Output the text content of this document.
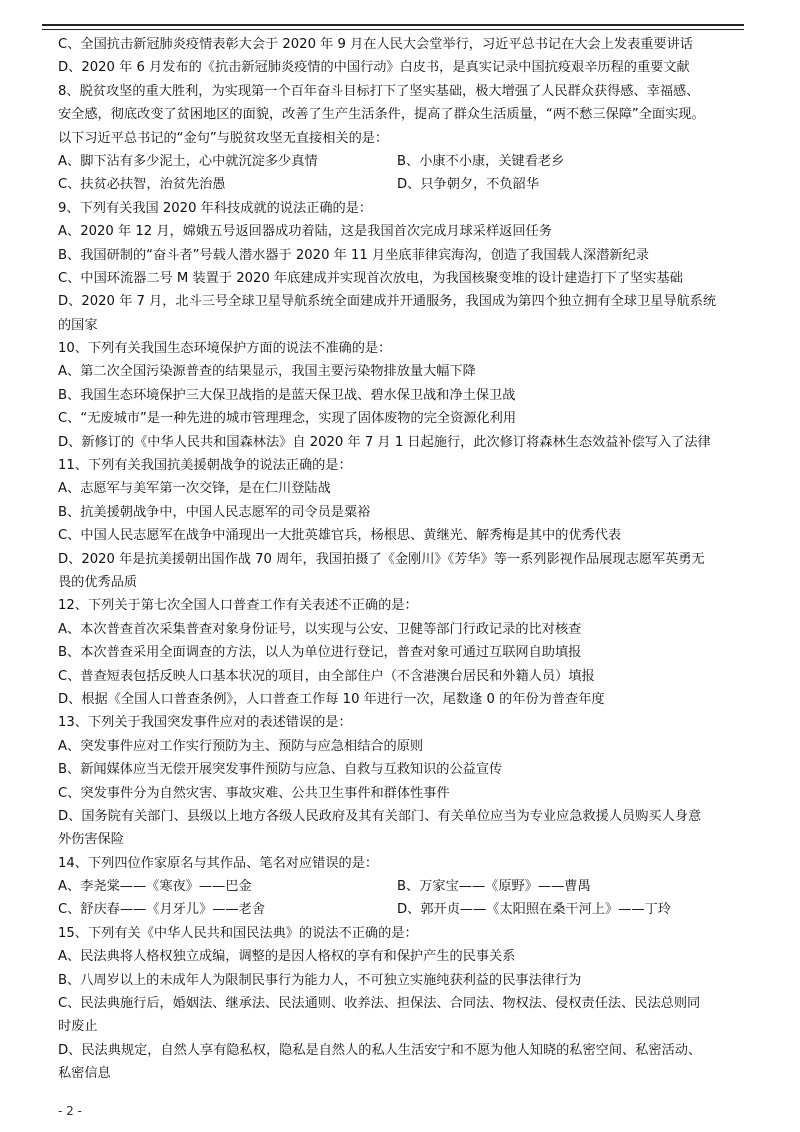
C、全国抗击新冠肺炎疫情表彰大会于 2020 年 9 月在人民大会堂举行，习近平总书记在大会上发表重要讲话
D、2020 年 6 月发布的《抗击新冠肺炎疫情的中国行动》白皮书，是真实记录中国抗疫艰辛历程的重要文献
8、脱贫攻坚的重大胜利，为实现第一个百年奋斗目标打下了坚实基础，极大增强了人民群众获得感、幸福感、
安全感，彻底改变了贫困地区的面貌，改善了生产生活条件，提高了群众生活质量，“两不愁三保障”全面实现。
以下习近平总书记的“金句”与脱贫攻坚无直接相关的是：
A、脚下沾有多少泥土，心中就沉淀多少真情	B、小康不小康，关键看老乡
C、扶贫必扶智，治贫先治愚	D、只争朝夕，不负韶华
9、下列有关我国 2020 年科技成就的说法正确的是：
A、2020 年 12 月，嫦娥五号返回器成功着陆，这是我国首次完成月球采样返回任务
B、我国研制的“奋斗者”号载人潜水器于 2020 年 11 月坐底菲律宾海沟，创造了我国载人深潜新纪录
C、中国环流器二号 M 装置于 2020 年底建成并实现首次放电，为我国核聚变堆的设计建造打下了坚实基础
D、2020 年 7 月，北斗三号全球卫星导航系统全面建成并开通服务，我国成为第四个独立拥有全球卫星导航系统
的国家
10、下列有关我国生态环境保护方面的说法不准确的是：
A、第二次全国污染源普查的结果显示，我国主要污染物排放量大幅下降
B、我国生态环境保护三大保卫战指的是蓝天保卫战、碧水保卫战和净土保卫战
C、“无废城市”是一种先进的城市管理理念，实现了固体废物的完全资源化利用
D、新修订的《中华人民共和国森林法》自 2020 年 7 月 1 日起施行，此次修订将森林生态效益补偿写入了法律
11、下列有关我国抗美援朝战争的说法正确的是：
A、志愿军与美军第一次交锋，是在仁川登陆战
B、抗美援朝战争中，中国人民志愿军的司令员是粟裕
C、中国人民志愿军在战争中涌现出一大批英雄官兵，杨根思、黄继光、解秀梅是其中的优秀代表
D、2020 年是抗美援朝出国作战 70 周年，我国拍摄了《金刚川》《芳华》等一系列影视作品展现志愿军英勇无
畏的优秀品质
12、下列关于第七次全国人口普查工作有关表述不正确的是：
A、本次普查首次采集普查对象身份证号，以实现与公安、卫健等部门行政记录的比对核查
B、本次普查采用全面调查的方法，以人为单位进行登记，普查对象可通过互联网自助填报
C、普查短表包括反映人口基本状况的项目，由全部住户（不含港澳台居民和外籍人员）填报
D、根据《全国人口普查条例》，人口普查工作每 10 年进行一次，尾数逢 0 的年份为普查年度
13、下列关于我国突发事件应对的表述错误的是：
A、突发事件应对工作实行预防为主、预防与应急相结合的原则
B、新闻媒体应当无偿开展突发事件预防与应急、自救与互救知识的公益宣传
C、突发事件分为自然灾害、事故灾难、公共卫生事件和群体性事件
D、国务院有关部门、县级以上地方各级人民政府及其有关部门、有关单位应当为专业应急救援人员购买人身意
外伤害保险
14、下列四位作家原名与其作品、笔名对应错误的是：
A、李尧棠——《寒夜》——巴金	B、万家宝——《原野》——曹禺
C、舒庆春——《月牙儿》——老舍	D、郭开贞——《太阳照在桑干河上》——丁玲
15、下列有关《中华人民共和国民法典》的说法不正确的是：
A、民法典将人格权独立成编，调整的是因人格权的享有和保护产生的民事关系
B、八周岁以上的未成年人为限制民事行为能力人，不可独立实施纯获利益的民事法律行为
C、民法典施行后，婚姻法、继承法、民法通则、收养法、担保法、合同法、物权法、侵权责任法、民法总则同
时废止
D、民法典规定，自然人享有隐私权，隐私是自然人的私人生活安宁和不愿为他人知晓的私密空间、私密活动、
私密信息
- 2 -
